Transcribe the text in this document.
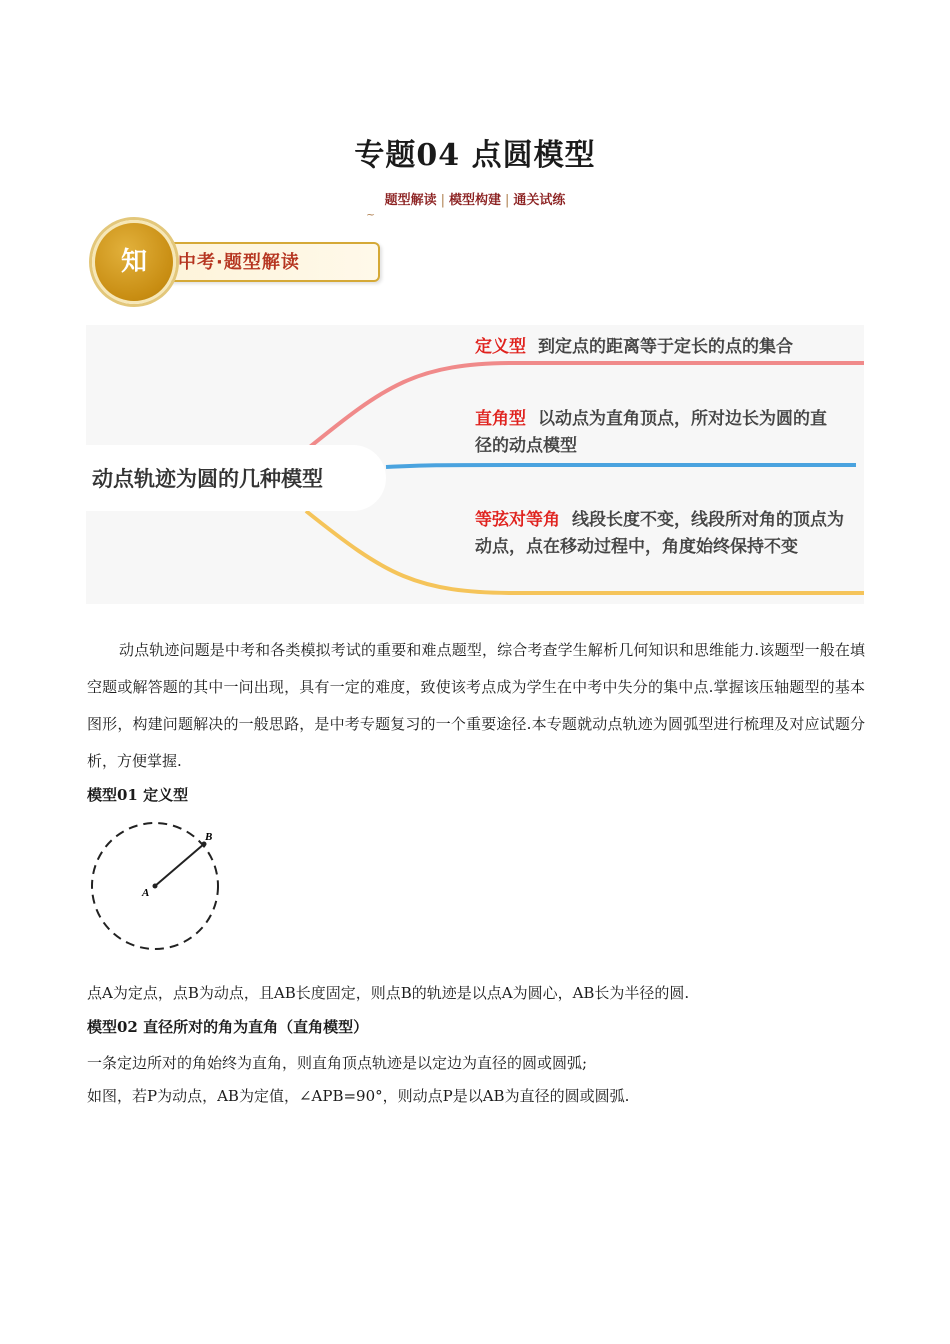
专题04 点圆模型
题型解读 | 模型构建 | 通关试练
~
中考·题型解读
知
动点轨迹为圆的几种模型
定义型 到定点的距离等于定长的点的集合
直角型 以动点为直角顶点，所对边长为圆的直径的动点模型
等弦对等角 线段长度不变，线段所对角的顶点为动点，点在移动过程中，角度始终保持不变
动点轨迹问题是中考和各类模拟考试的重要和难点题型，综合考查学生解析几何知识和思维能力.该题型一般在填空题或解答题的其中一问出现，具有一定的难度，致使该考点成为学生在中考中失分的集中点.掌握该压轴题型的基本图形，构建问题解决的一般思路，是中考专题复习的一个重要途径.本专题就动点轨迹为圆弧型进行梳理及对应试题分析，方便掌握.
模型01 定义型
A
B
点A为定点，点B为动点，且AB长度固定，则点B的轨迹是以点A为圆心，AB长为半径的圆.
模型02 直径所对的角为直角（直角模型）
一条定边所对的角始终为直角，则直角顶点轨迹是以定边为直径的圆或圆弧;
如图，若P为动点，AB为定值，∠APB=90°，则动点P是以AB为直径的圆或圆弧.
